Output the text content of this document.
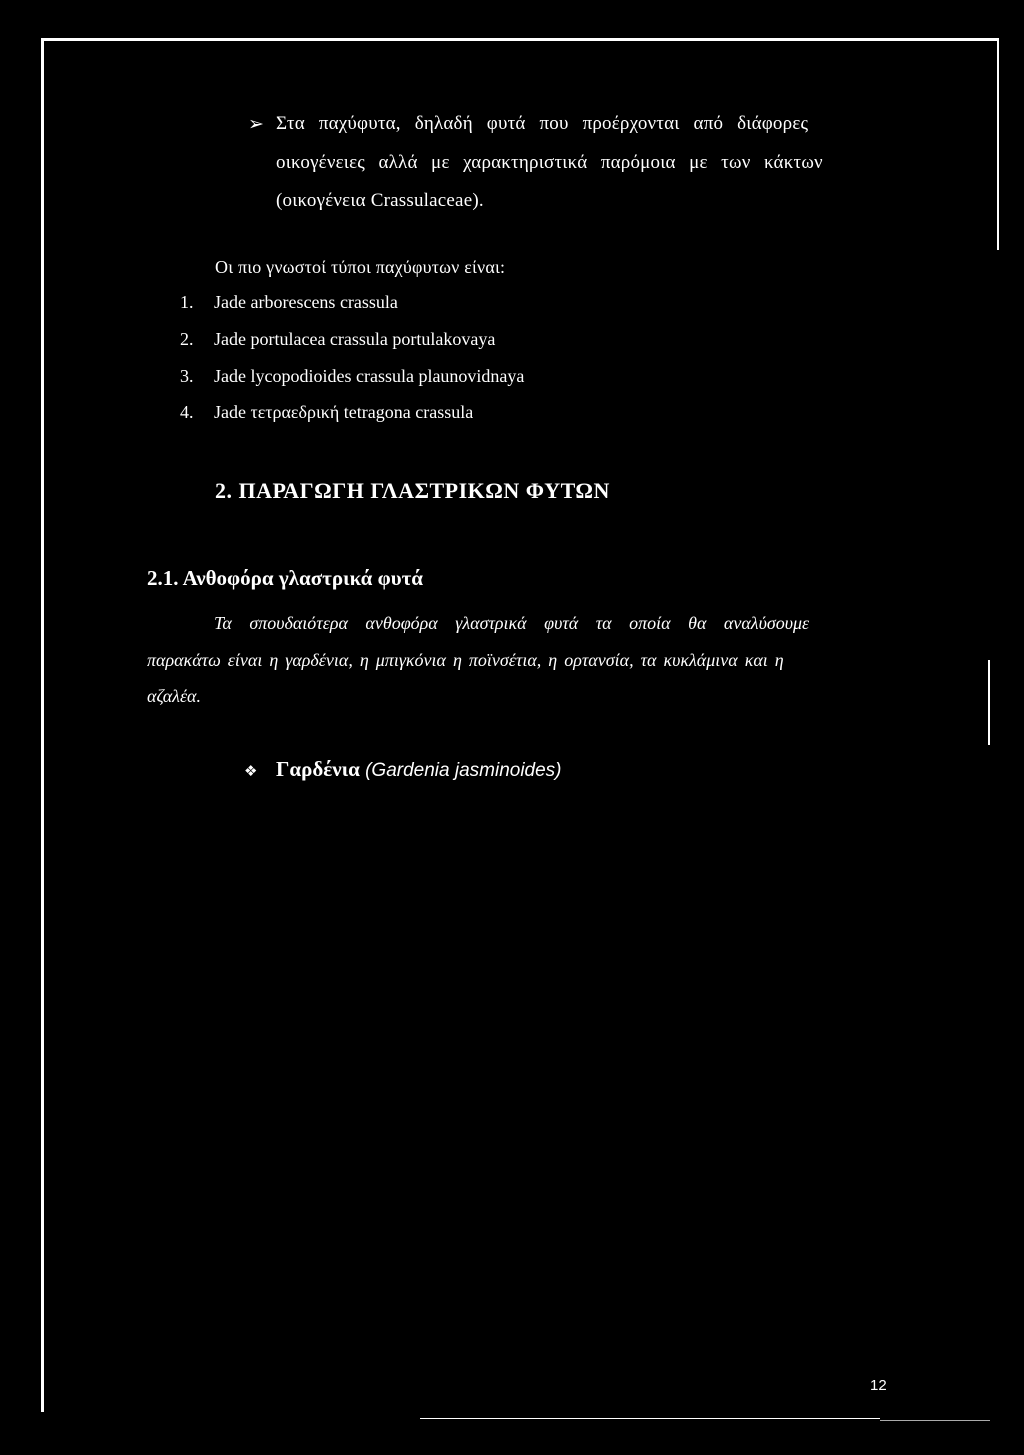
➢ Στα παχύφυτα, δηλαδή φυτά που προέρχονται από διάφορες
οικογένειες αλλά με χαρακτηριστικά παρόμοια με των κάκτων
(οικογένεια Crassulaceae).
Οι πιο γνωστοί τύποι παχύφυτων είναι:
1. Jade arborescens crassula
2. Jade portulacea crassula portulakovaya
3. Jade lycopodioides crassula plaunovidnaya
4. Jade τετραεδρική tetragona crassula
2. ΠΑΡΑΓΩΓΗ ΓΛΑΣΤΡΙΚΩΝ ΦΥΤΩΝ
2.1. Ανθοφόρα γλαστρικά φυτά
Τα σπουδαιότερα ανθοφόρα γλαστρικά φυτά τα οποία θα αναλύσουμε
παρακάτω είναι η γαρδένια, η μπιγκόνια η ποϊνσέτια, η ορτανσία, τα κυκλάμινα και η
αζαλέα.
❖ Γαρδένια (Gardenia jasminoides)
12
